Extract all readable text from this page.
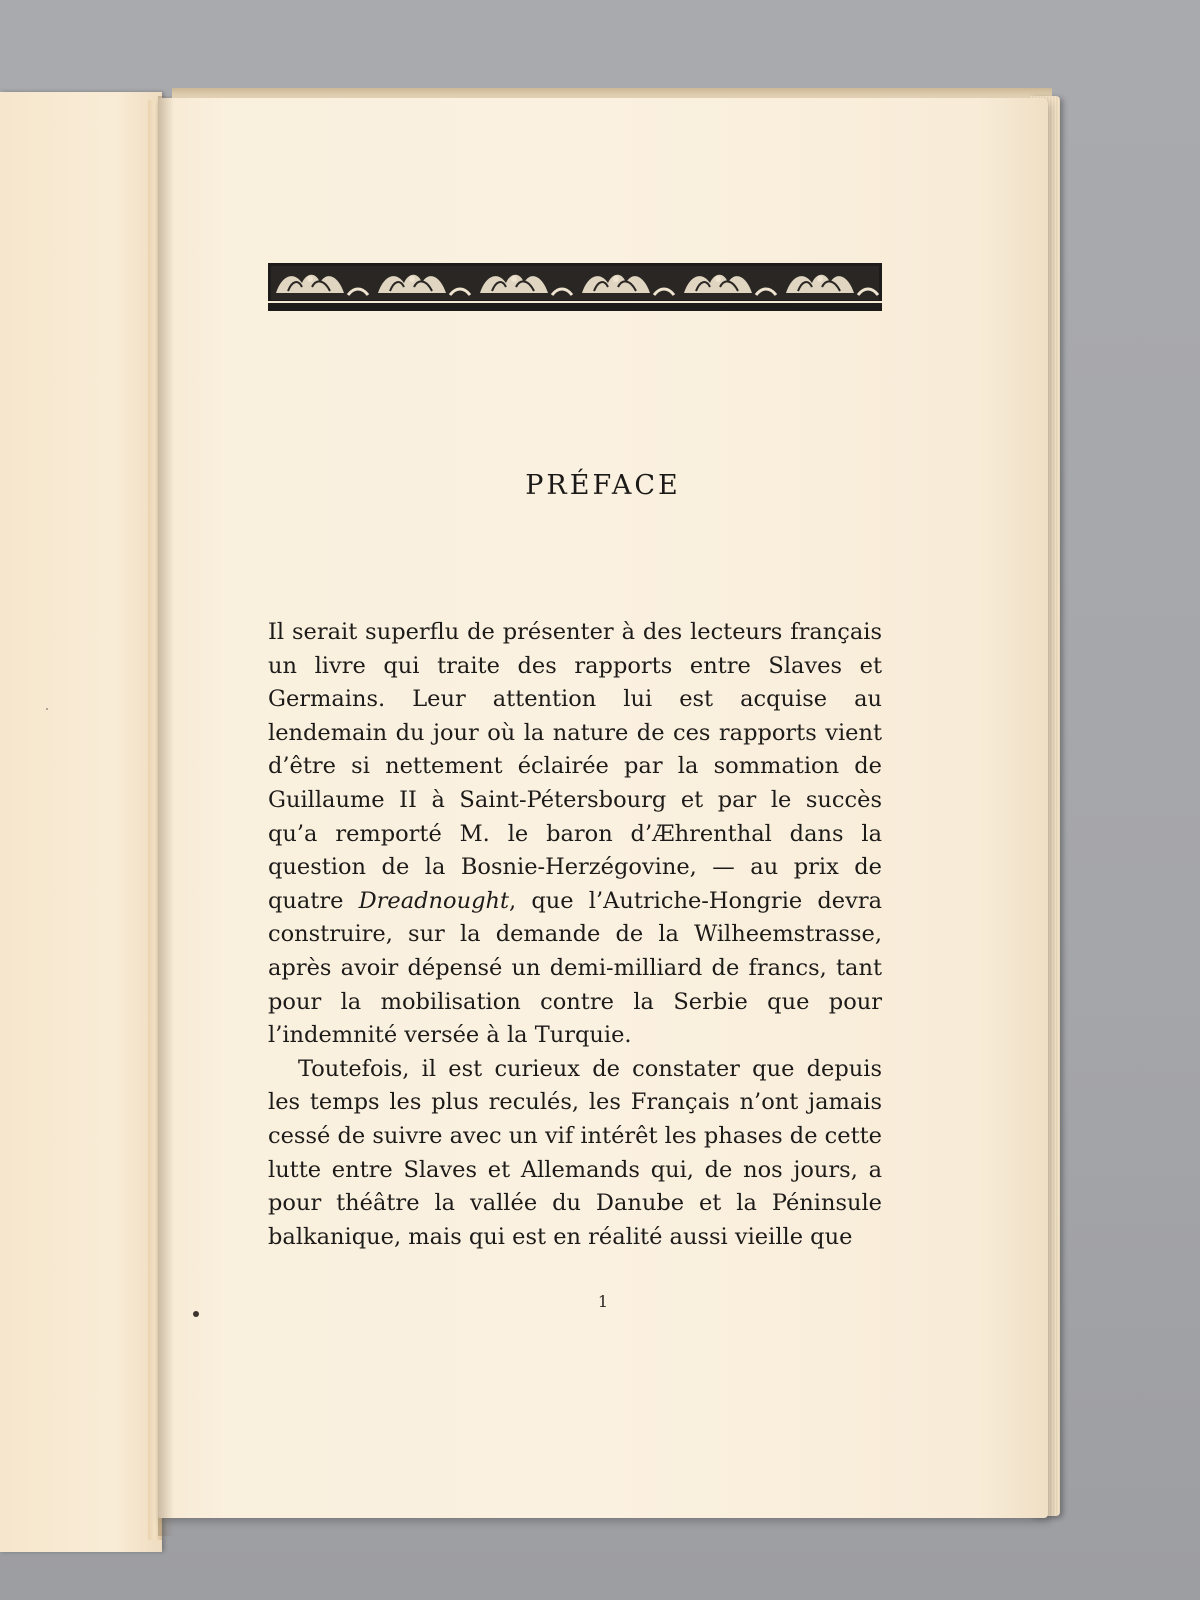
PRÉFACE

Il serait superflu de présenter à des lecteurs français un livre qui traite des rapports entre Slaves et Germains. Leur attention lui est acquise au lendemain du jour où la nature de ces rapports vient d’être si nettement éclairée par la sommation de Guillaume II à Saint-Pétersbourg et par le succès qu’a remporté M. le baron d’Æhrenthal dans la question de la Bosnie-Herzégovine, — au prix de quatre Dreadnought, que l’Autriche-Hongrie devra construire, sur la demande de la Wilheemstrasse, après avoir dépensé un demi-milliard de francs, tant pour la mobilisation contre la Serbie que pour l’indemnité versée à la Turquie.

Toutefois, il est curieux de constater que depuis les temps les plus reculés, les Français n’ont jamais cessé de suivre avec un vif intérêt les phases de cette lutte entre Slaves et Allemands qui, de nos jours, a pour théâtre la vallée du Danube et la Péninsule balkanique, mais qui est en réalité aussi vieille que

1
